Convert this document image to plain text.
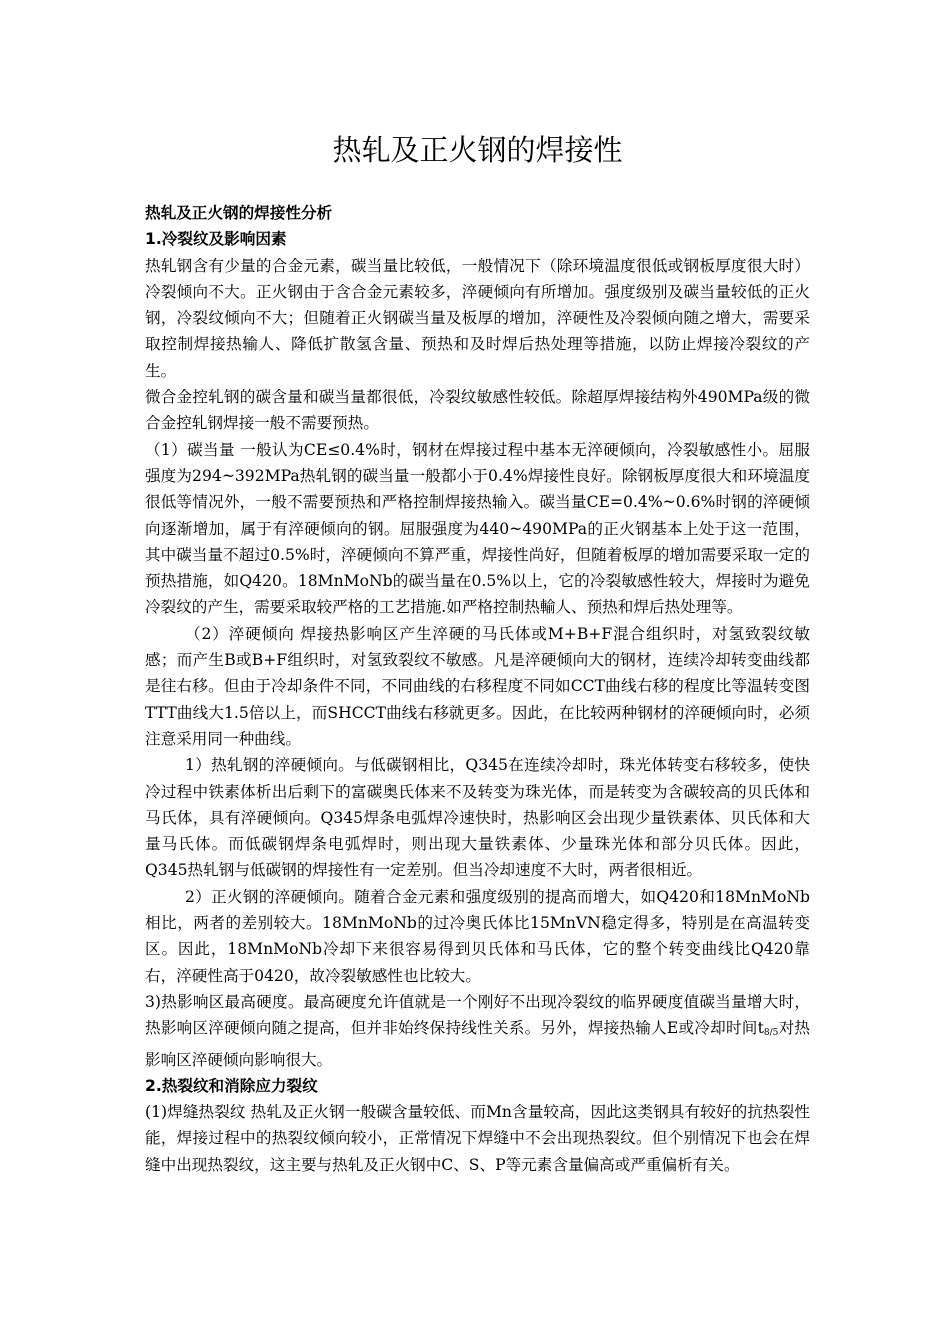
热轧及正火钢的焊接性
热轧及正火钢的焊接性分析
1.冷裂纹及影响因素

热轧钢含有少量的合金元素，碳当量比较低，一般情况下（除环境温度很低或钢板厚度很大时）冷裂倾向不大。正火钢由于含合金元素较多，淬硬倾向有所增加。强度级别及碳当量较低的正火钢，冷裂纹倾向不大；但随着正火钢碳当量及板厚的增加，淬硬性及冷裂倾向随之增大，需要采取控制焊接热输人、降低扩散氢含量、预热和及时焊后热处理等措施，以防止焊接冷裂纹的产生。

微合金控轧钢的碳含量和碳当量都很低，冷裂纹敏感性较低。除超厚焊接结构外490MPa级的微合金控轧钢焊接一般不需要预热。

（1）碳当量 一般认为CE≤0.4%时，钢材在焊接过程中基本无淬硬倾向，冷裂敏感性小。屈服强度为294~392MPa热轧钢的碳当量一般都小于0.4%焊接性良好。除钢板厚度很大和环境温度很低等情况外，一般不需要预热和严格控制焊接热输入。碳当量CE=0.4%~0.6%时钢的淬硬倾向逐渐增加，属于有淬硬倾向的钢。屈服强度为440~490MPa的正火钢基本上处于这一范围，其中碳当量不超过0.5%时，淬硬倾向不算严重，焊接性尚好，但随着板厚的增加需要采取一定的预热措施，如Q420。18MnMoNb的碳当量在0.5%以上，它的冷裂敏感性较大，焊接时为避免冷裂纹的产生，需要采取较严格的工艺措施.如严格控制热輸人、预热和焊后热处理等。

（2）淬硬倾向 焊接热影响区产生淬硬的马氏体或M+B+F混合组织时，对氢致裂纹敏感；而产生B或B+F组织时，对氢致裂纹不敏感。凡是淬硬倾向大的钢材，连续冷却转变曲线都是往右移。但由于冷却条件不同，不同曲线的右移程度不同如CCT曲线右移的程度比等温转变图TTT曲线大1.5倍以上，而SHCCT曲线右移就更多。因此，在比较两种钢材的淬硬倾向时，必须注意采用同一种曲线。

1）热轧钢的淬硬倾向。与低碳钢相比，Q345在连续冷却时，珠光体转变右移较多，使快冷过程中铁素体析出后剩下的富碳奥氏体来不及转变为珠光体，而是转变为含碳较高的贝氏体和马氏体，具有淬硬倾向。Q345焊条电弧焊冷速快时，热影响区会出现少量铁素体、贝氏体和大量马氏体。而低碳钢焊条电弧焊时，则出现大量铁素体、少量珠光体和部分贝氏体。因此，Q345热轧钢与低碳钢的焊接性有一定差别。但当冷却速度不大时，两者很相近。

2）正火钢的淬硬倾向。随着合金元素和强度级别的提高而增大，如Q420和18MnMoNb相比，两者的差别较大。18MnMoNb的过冷奥氏体比15MnVN稳定得多，特别是在高温转变区。因此，18MnMoNb冷却下来很容易得到贝氏体和马氏体，它的整个转变曲线比Q420靠右，淬硬性高于0420，故冷裂敏感性也比较大。

3)热影响区最高硬度。最高硬度允许值就是一个刚好不出现冷裂纹的临界硬度值碳当量增大时，热影响区淬硬倾向随之提高，但并非始终保持线性关系。另外，焊接热输人E或冷却时间$t_{8/5}$对热影响区淬硬倾向影响很大。

2.热裂纹和消除应力裂纹

(1)焊缝热裂纹 热轧及正火钢一般碳含量较低、而Mn含量较高，因此这类钢具有较好的抗热裂性能，焊接过程中的热裂纹倾向较小，正常情况下焊缝中不会出现热裂纹。但个别情况下也会在焊缝中出现热裂纹，这主要与热轧及正火钢中C、S、P等元素含量偏高或严重偏析有关。
